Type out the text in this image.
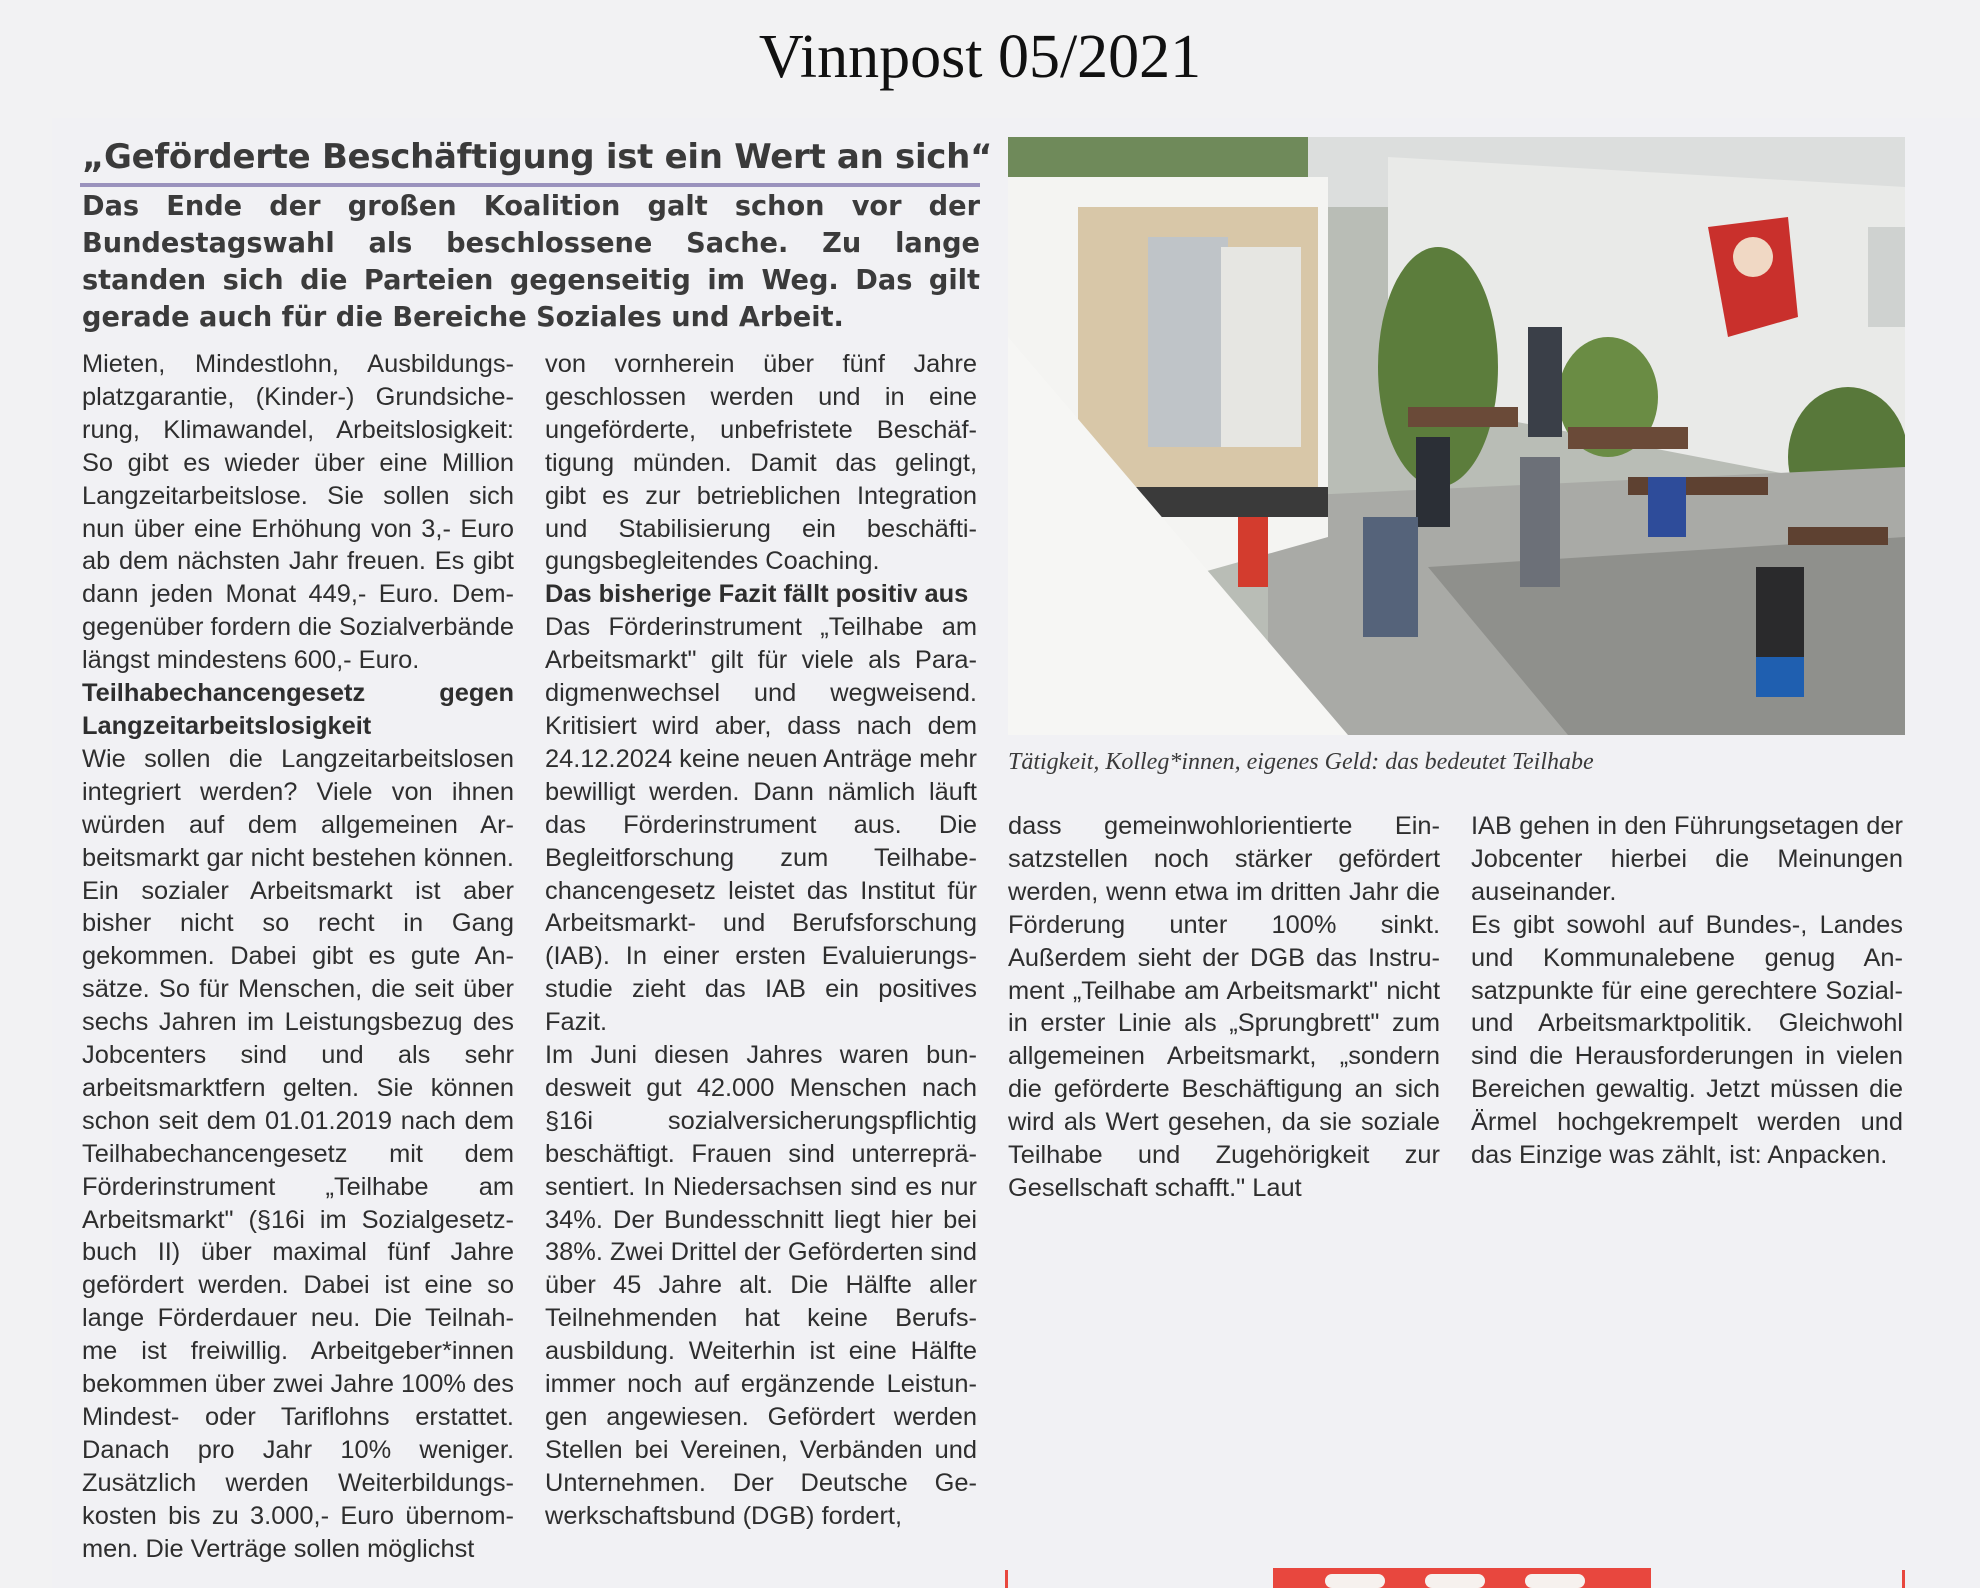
Vinnpost 05/2021
„Geförderte Beschäftigung ist ein Wert an sich“
Das Ende der großen Koalition galt schon vor der Bundestagswahl als beschlossene Sache. Zu lange standen sich die Parteien gegenseitig im Weg. Das gilt gerade auch für die Bereiche Soziales und Arbeit.

Mieten, Mindestlohn, Ausbildungsplatzgarantie, (Kinder-) Grundsicherung, Klimawandel, Arbeitslosigkeit: So gibt es wieder über eine Million Langzeitarbeitslose. Sie sollen sich nun über eine Erhöhung von 3,- Euro ab dem nächsten Jahr freuen. Es gibt dann jeden Monat 449,- Euro. Demgegenüber fordern die Sozialverbände längst mindestens 600,- Euro.

Teilhabechancengesetz gegen Langzeitarbeitslosigkeit

Wie sollen die Langzeitarbeitslosen integriert werden? Viele von ihnen würden auf dem allgemeinen Arbeitsmarkt gar nicht bestehen können. Ein sozialer Arbeitsmarkt ist aber bisher nicht so recht in Gang gekommen. Dabei gibt es gute Ansätze. So für Menschen, die seit über sechs Jahren im Leistungsbezug des Jobcenters sind und als sehr arbeitsmarktfern gelten. Sie können schon seit dem 01.01.2019 nach dem Teilhabechancengesetz mit dem Förderinstrument „Teilhabe am Arbeitsmarkt" (§16i im Sozialgesetzbuch II) über maximal fünf Jahre gefördert werden. Dabei ist eine so lange Förderdauer neu. Die Teilnahme ist freiwillig. Arbeitgeber*innen bekommen über zwei Jahre 100% des Mindest- oder Tariflohns erstattet. Danach pro Jahr 10% weniger. Zusätzlich werden Weiterbildungskosten bis zu 3.000,- Euro übernommen. Die Verträge sollen möglichst

von vornherein über fünf Jahre geschlossen werden und in eine ungeförderte, unbefristete Beschäftigung münden. Damit das gelingt, gibt es zur betrieblichen Integration und Stabilisierung ein beschäftigungsbegleitendes Coaching.

Das bisherige Fazit fällt positiv aus

Das Förderinstrument „Teilhabe am Arbeitsmarkt" gilt für viele als Paradigmenwechsel und wegweisend. Kritisiert wird aber, dass nach dem 24.12.2024 keine neuen Anträge mehr bewilligt werden. Dann nämlich läuft das Förderinstrument aus. Die Begleitforschung zum Teilhabechancengesetz leistet das Institut für Arbeitsmarkt- und Berufsforschung (IAB). In einer ersten Evaluierungsstudie zieht das IAB ein positives Fazit.

Im Juni diesen Jahres waren bundesweit gut 42.000 Menschen nach §16i sozialversicherungspflichtig beschäftigt. Frauen sind unterrepräsentiert. In Niedersachsen sind es nur 34%. Der Bundesschnitt liegt hier bei 38%. Zwei Drittel der Geförderten sind über 45 Jahre alt. Die Hälfte aller Teilnehmenden hat keine Berufsausbildung. Weiterhin ist eine Hälfte immer noch auf ergänzende Leistungen angewiesen. Gefördert werden Stellen bei Vereinen, Verbänden und Unternehmen. Der Deutsche Gewerkschaftsbund (DGB) fordert,

Tätigkeit, Kolleg*innen, eigenes Geld: das bedeutet Teilhabe

dass gemeinwohlorientierte Einsatzstellen noch stärker gefördert werden, wenn etwa im dritten Jahr die Förderung unter 100% sinkt. Außerdem sieht der DGB das Instrument „Teilhabe am Arbeitsmarkt" nicht in erster Linie als „Sprungbrett" zum allgemeinen Arbeitsmarkt, „sondern die geförderte Beschäftigung an sich wird als Wert gesehen, da sie soziale Teilhabe und Zugehörigkeit zur Gesellschaft schafft." Laut

IAB gehen in den Führungsetagen der Jobcenter hierbei die Meinungen auseinander.

Es gibt sowohl auf Bundes-, Landes und Kommunalebene genug Ansatzpunkte für eine gerechtere Sozial- und Arbeitsmarktpolitik. Gleichwohl sind die Herausforderungen in vielen Bereichen gewaltig. Jetzt müssen die Ärmel hochgekrempelt werden und das Einzige was zählt, ist: Anpacken.
